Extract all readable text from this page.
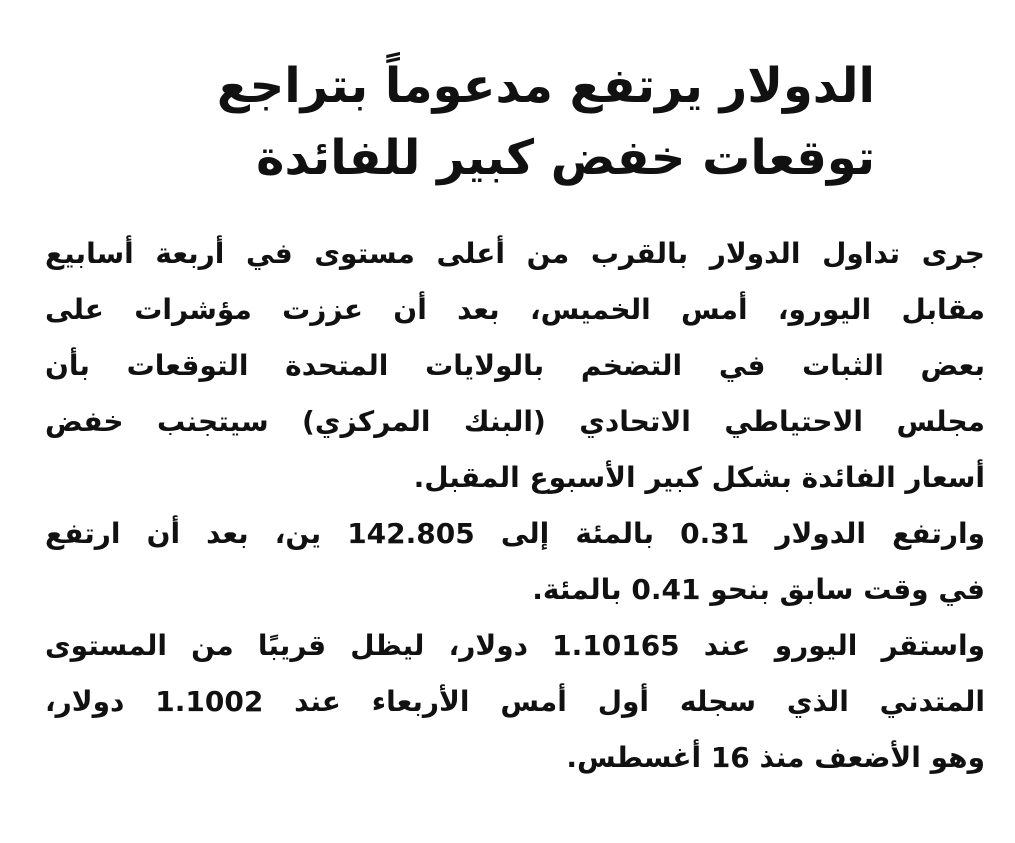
الدولار يرتفع مدعوماً بتراجع
توقعات خفض كبير للفائدة

جرى تداول الدولار بالقرب من أعلى مستوى في أربعة أسابيع
مقابل اليورو، أمس الخميس، بعد أن عززت مؤشرات على
بعض الثبات في التضخم بالولايات المتحدة التوقعات بأن
مجلس الاحتياطي الاتحادي (البنك المركزي) سيتجنب خفض
أسعار الفائدة بشكل كبير الأسبوع المقبل.

وارتفع الدولار 0.31 بالمئة إلى 142.805 ين، بعد أن ارتفع
في وقت سابق بنحو 0.41 بالمئة.

واستقر اليورو عند 1.10165 دولار، ليظل قريبًا من المستوى
المتدني الذي سجله أول أمس الأربعاء عند 1.1002 دولار،
وهو الأضعف منذ 16 أغسطس.
